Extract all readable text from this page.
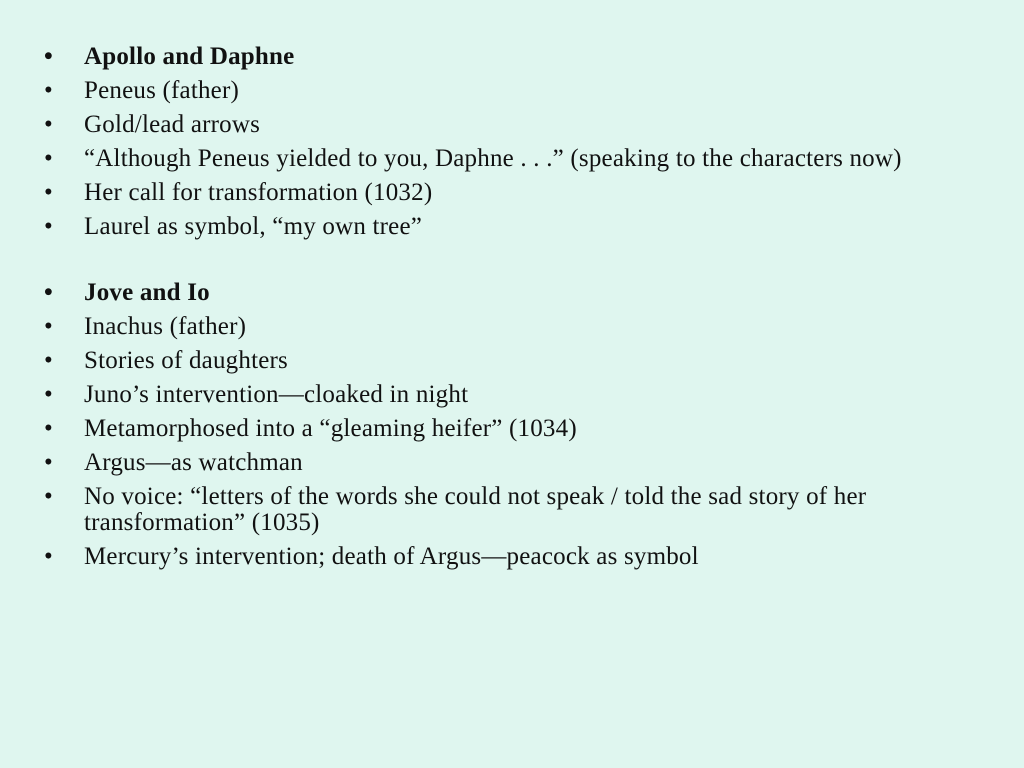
•	Apollo and Daphne
•	Peneus (father)
•	Gold/lead arrows
•	“Although Peneus yielded to you, Daphne . . .” (speaking to the characters now)
•	Her call for transformation (1032)
•	Laurel as symbol, “my own tree”
•	Jove and Io
•	Inachus (father)
•	Stories of daughters
•	Juno’s intervention—cloaked in night
•	Metamorphosed into a “gleaming heifer” (1034)
•	Argus—as watchman
•	No voice: “letters of the words she could not speak / told the sad story of her transformation” (1035)
•	Mercury’s intervention; death of Argus—peacock as symbol
